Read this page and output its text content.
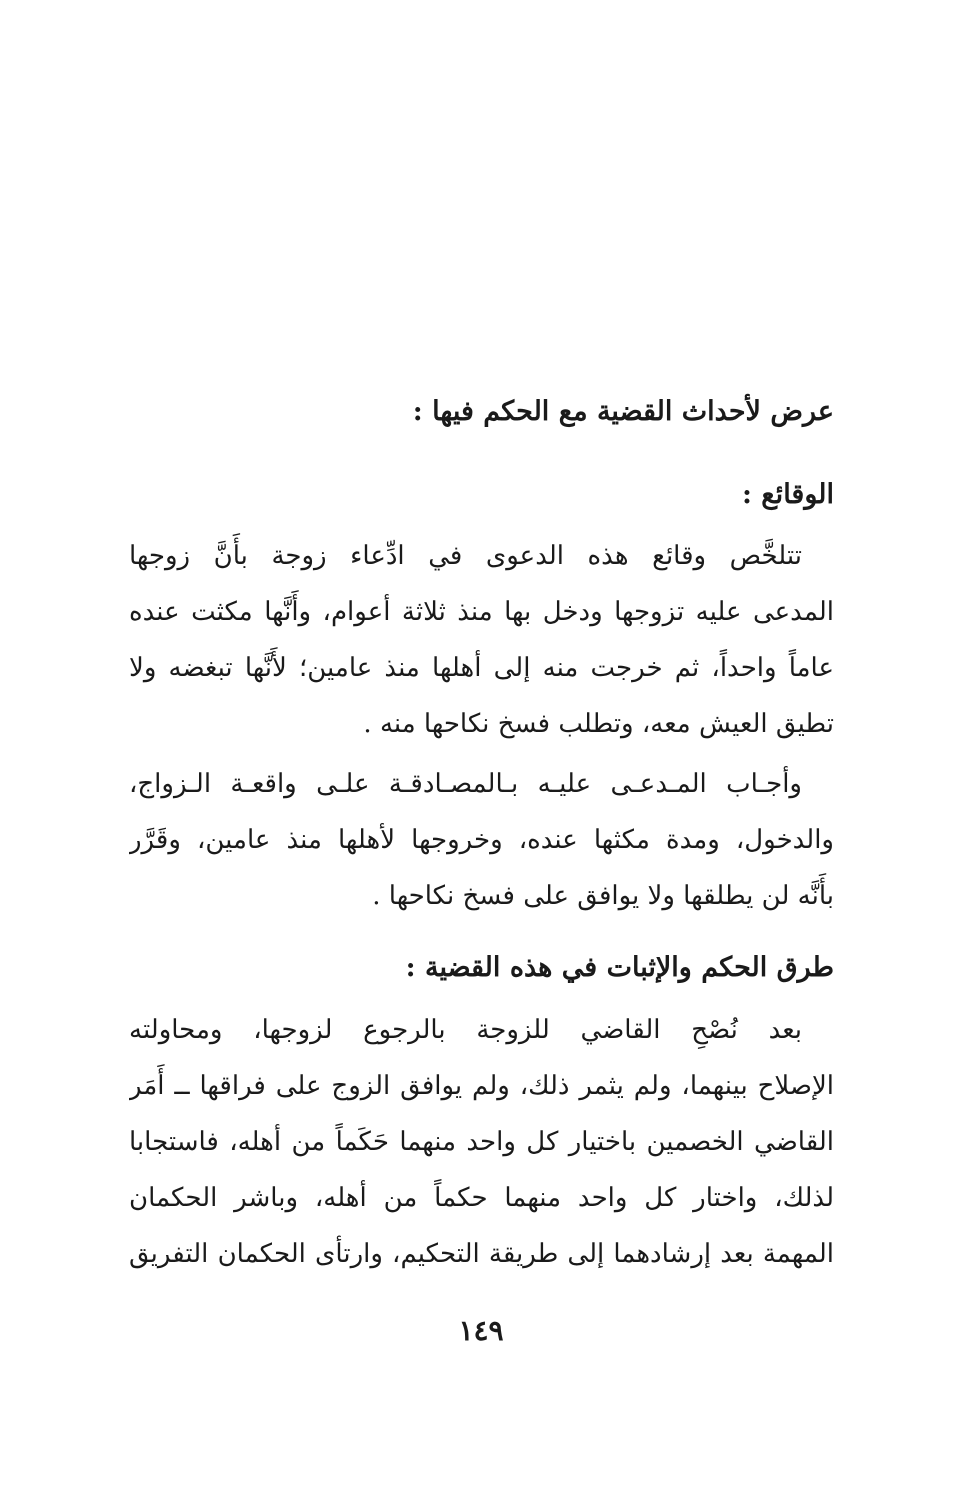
عرض لأحداث القضية مع الحكم فيها :
الوقائع :
تتلخَّص وقائع هذه الدعوى في ادِّعاء زوجة بأَنَّ زوجها
المدعى عليه تزوجها ودخل بها منذ ثلاثة أعوام، وأَنَّها مكثت عنده
عاماً واحداً، ثم خرجت منه إلى أهلها منذ عامين؛ لأَنَّها تبغضه ولا
تطيق العيش معه، وتطلب فسخ نكاحها منه .
وأجـاب المـدعـى عليـه بـالمصـادقـة علـى واقعـة الـزواج،
والدخول، ومدة مكثها عنده، وخروجها لأهلها منذ عامين، وقَرَّر
بأَنَّه لن يطلقها ولا يوافق على فسخ نكاحها .
طرق الحكم والإثبات في هذه القضية :
بعد نُصْحِ القاضي للزوجة بالرجوع لزوجها، ومحاولته
الإصلاح بينهما، ولم يثمر ذلك، ولم يوافق الزوج على فراقها ــ أَمَر
القاضي الخصمين باختيار كل واحد منهما حَكَماً من أهله، فاستجابا
لذلك، واختار كل واحد منهما حكماً من أهله، وباشر الحكمان
المهمة بعد إرشادهما إلى طريقة التحكيم، وارتأى الحكمان التفريق
١٤٩
